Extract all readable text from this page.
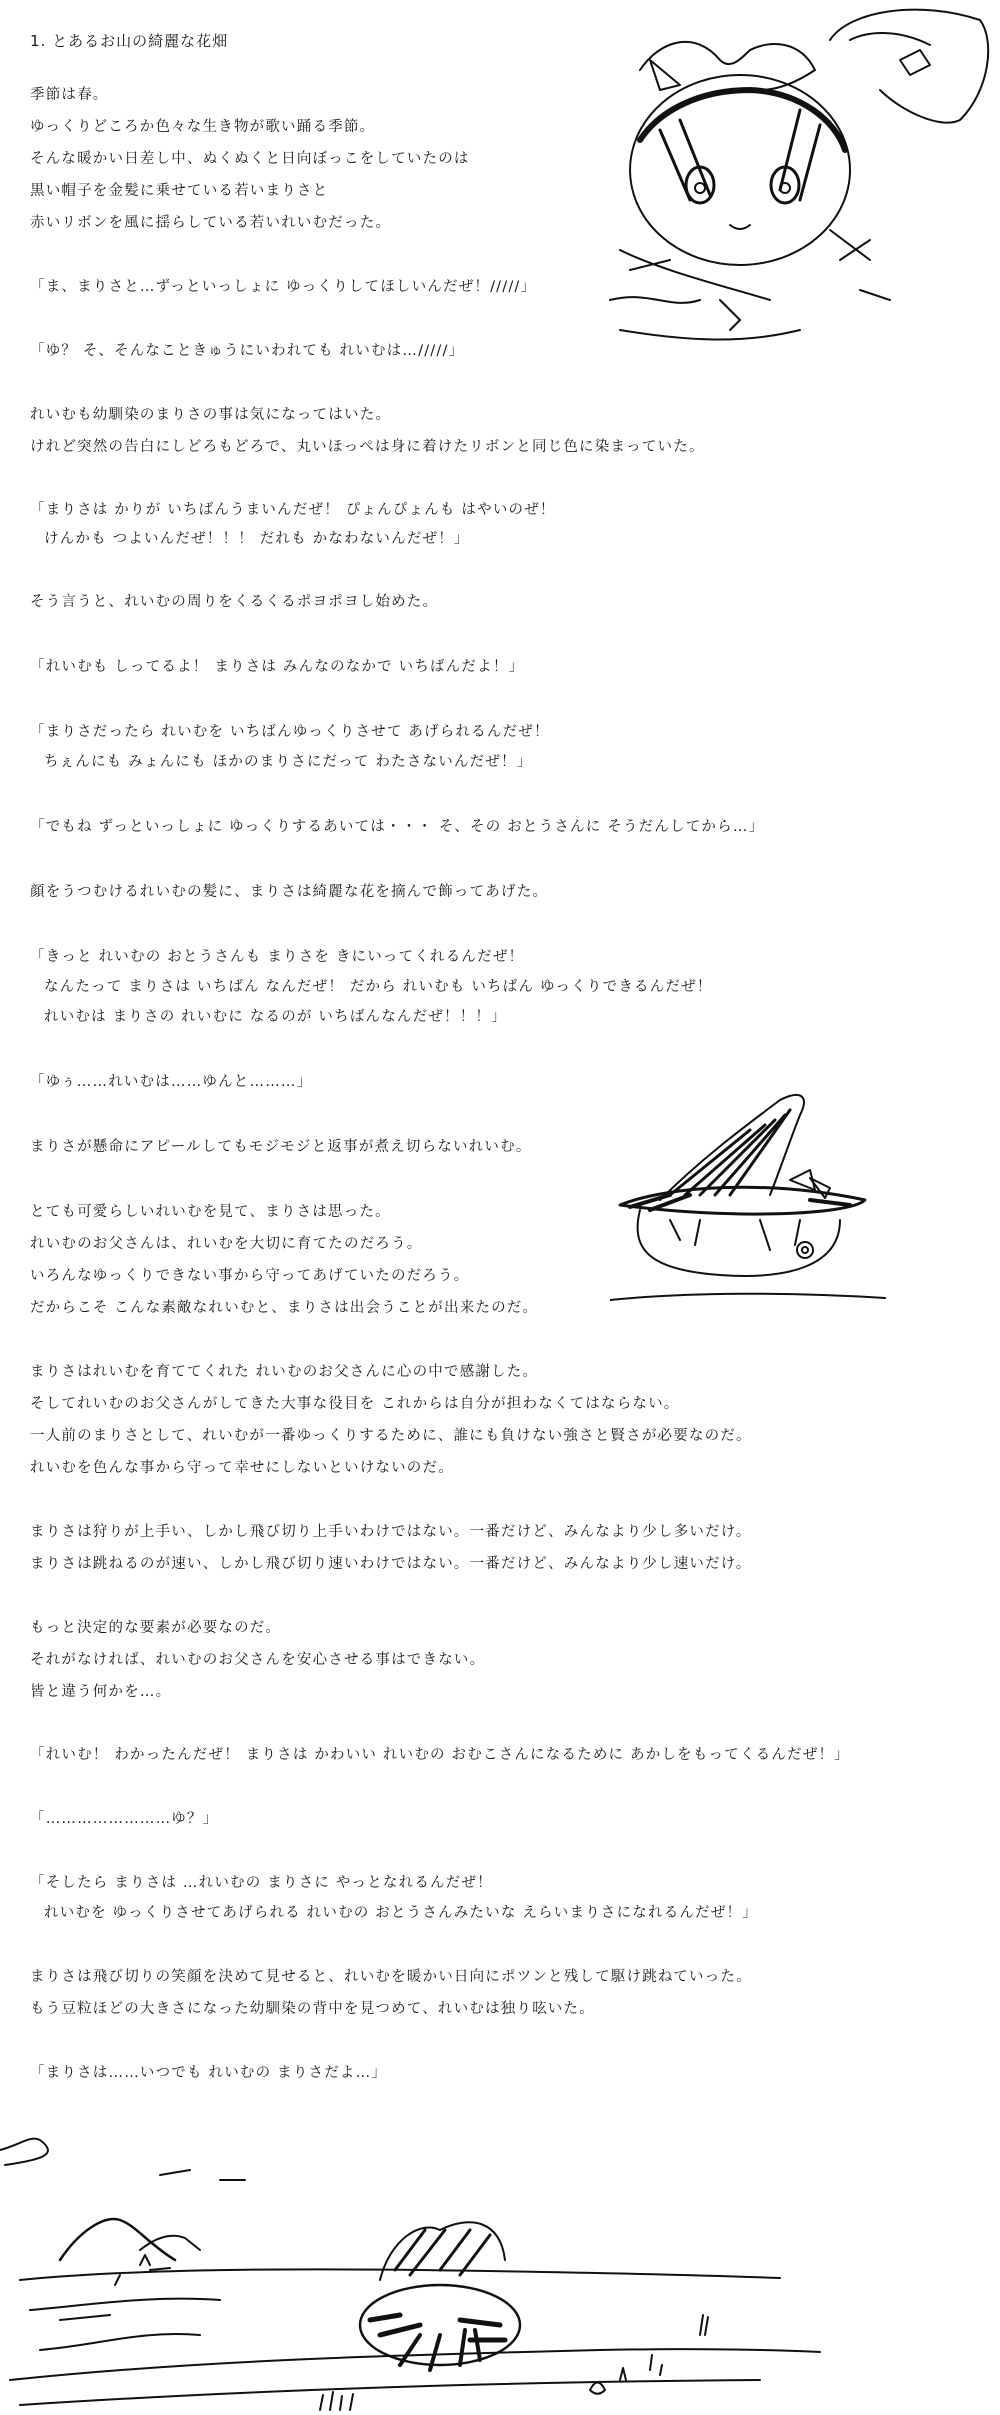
1. とあるお山の綺麗な花畑
季節は春。
ゆっくりどころか色々な生き物が歌い踊る季節。
そんな暖かい日差し中、ぬくぬくと日向ぼっこをしていたのは
黒い帽子を金髪に乗せている若いまりさと
赤いリボンを風に揺らしている若いれいむだった。
「ま、まりさと…ずっといっしょに ゆっくりしてほしいんだぜ！/////」
「ゆ？ そ、そんなこときゅうにいわれても れいむは…/////」
れいむも幼馴染のまりさの事は気になってはいた。
けれど突然の告白にしどろもどろで、丸いほっぺは身に着けたリボンと同じ色に染まっていた。
「まりさは かりが いちばんうまいんだぜ！ ぴょんぴょんも はやいのぜ！
けんかも つよいんだぜ！！！ だれも かなわないんだぜ！」
そう言うと、れいむの周りをくるくるポヨポヨし始めた。
「れいむも しってるよ！ まりさは みんなのなかで いちばんだよ！」
「まりさだったら れいむを いちばんゆっくりさせて あげられるんだぜ！
ちぇんにも みょんにも ほかのまりさにだって わたさないんだぜ！」
「でもね ずっといっしょに ゆっくりするあいては・・・ そ、その おとうさんに そうだんしてから…」
顔をうつむけるれいむの髪に、まりさは綺麗な花を摘んで飾ってあげた。
「きっと れいむの おとうさんも まりさを きにいってくれるんだぜ！
なんたって まりさは いちばん なんだぜ！ だから れいむも いちばん ゆっくりできるんだぜ！
れいむは まりさの れいむに なるのが いちばんなんだぜ！！！」
「ゆぅ……れいむは……ゆんと………」
まりさが懸命にアピールしてもモジモジと返事が煮え切らないれいむ。
とても可愛らしいれいむを見て、まりさは思った。
れいむのお父さんは、れいむを大切に育てたのだろう。
いろんなゆっくりできない事から守ってあげていたのだろう。
だからこそ こんな素敵なれいむと、まりさは出会うことが出来たのだ。
まりさはれいむを育ててくれた れいむのお父さんに心の中で感謝した。
そしてれいむのお父さんがしてきた大事な役目を これからは自分が担わなくてはならない。
一人前のまりさとして、れいむが一番ゆっくりするために、誰にも負けない強さと賢さが必要なのだ。
れいむを色んな事から守って幸せにしないといけないのだ。
まりさは狩りが上手い、しかし飛び切り上手いわけではない。一番だけど、みんなより少し多いだけ。
まりさは跳ねるのが速い、しかし飛び切り速いわけではない。一番だけど、みんなより少し速いだけ。
もっと決定的な要素が必要なのだ。
それがなければ、れいむのお父さんを安心させる事はできない。
皆と違う何かを…。
「れいむ！ わかったんだぜ！ まりさは かわいい れいむの おむこさんになるために あかしをもってくるんだぜ！」
「……………………ゆ？」
「そしたら まりさは …れいむの まりさに やっとなれるんだぜ！
れいむを ゆっくりさせてあげられる れいむの おとうさんみたいな えらいまりさになれるんだぜ！」
まりさは飛び切りの笑顔を決めて見せると、れいむを暖かい日向にポツンと残して駆け跳ねていった。
もう豆粒ほどの大きさになった幼馴染の背中を見つめて、れいむは独り呟いた。
「まりさは……いつでも れいむの まりさだよ…」
